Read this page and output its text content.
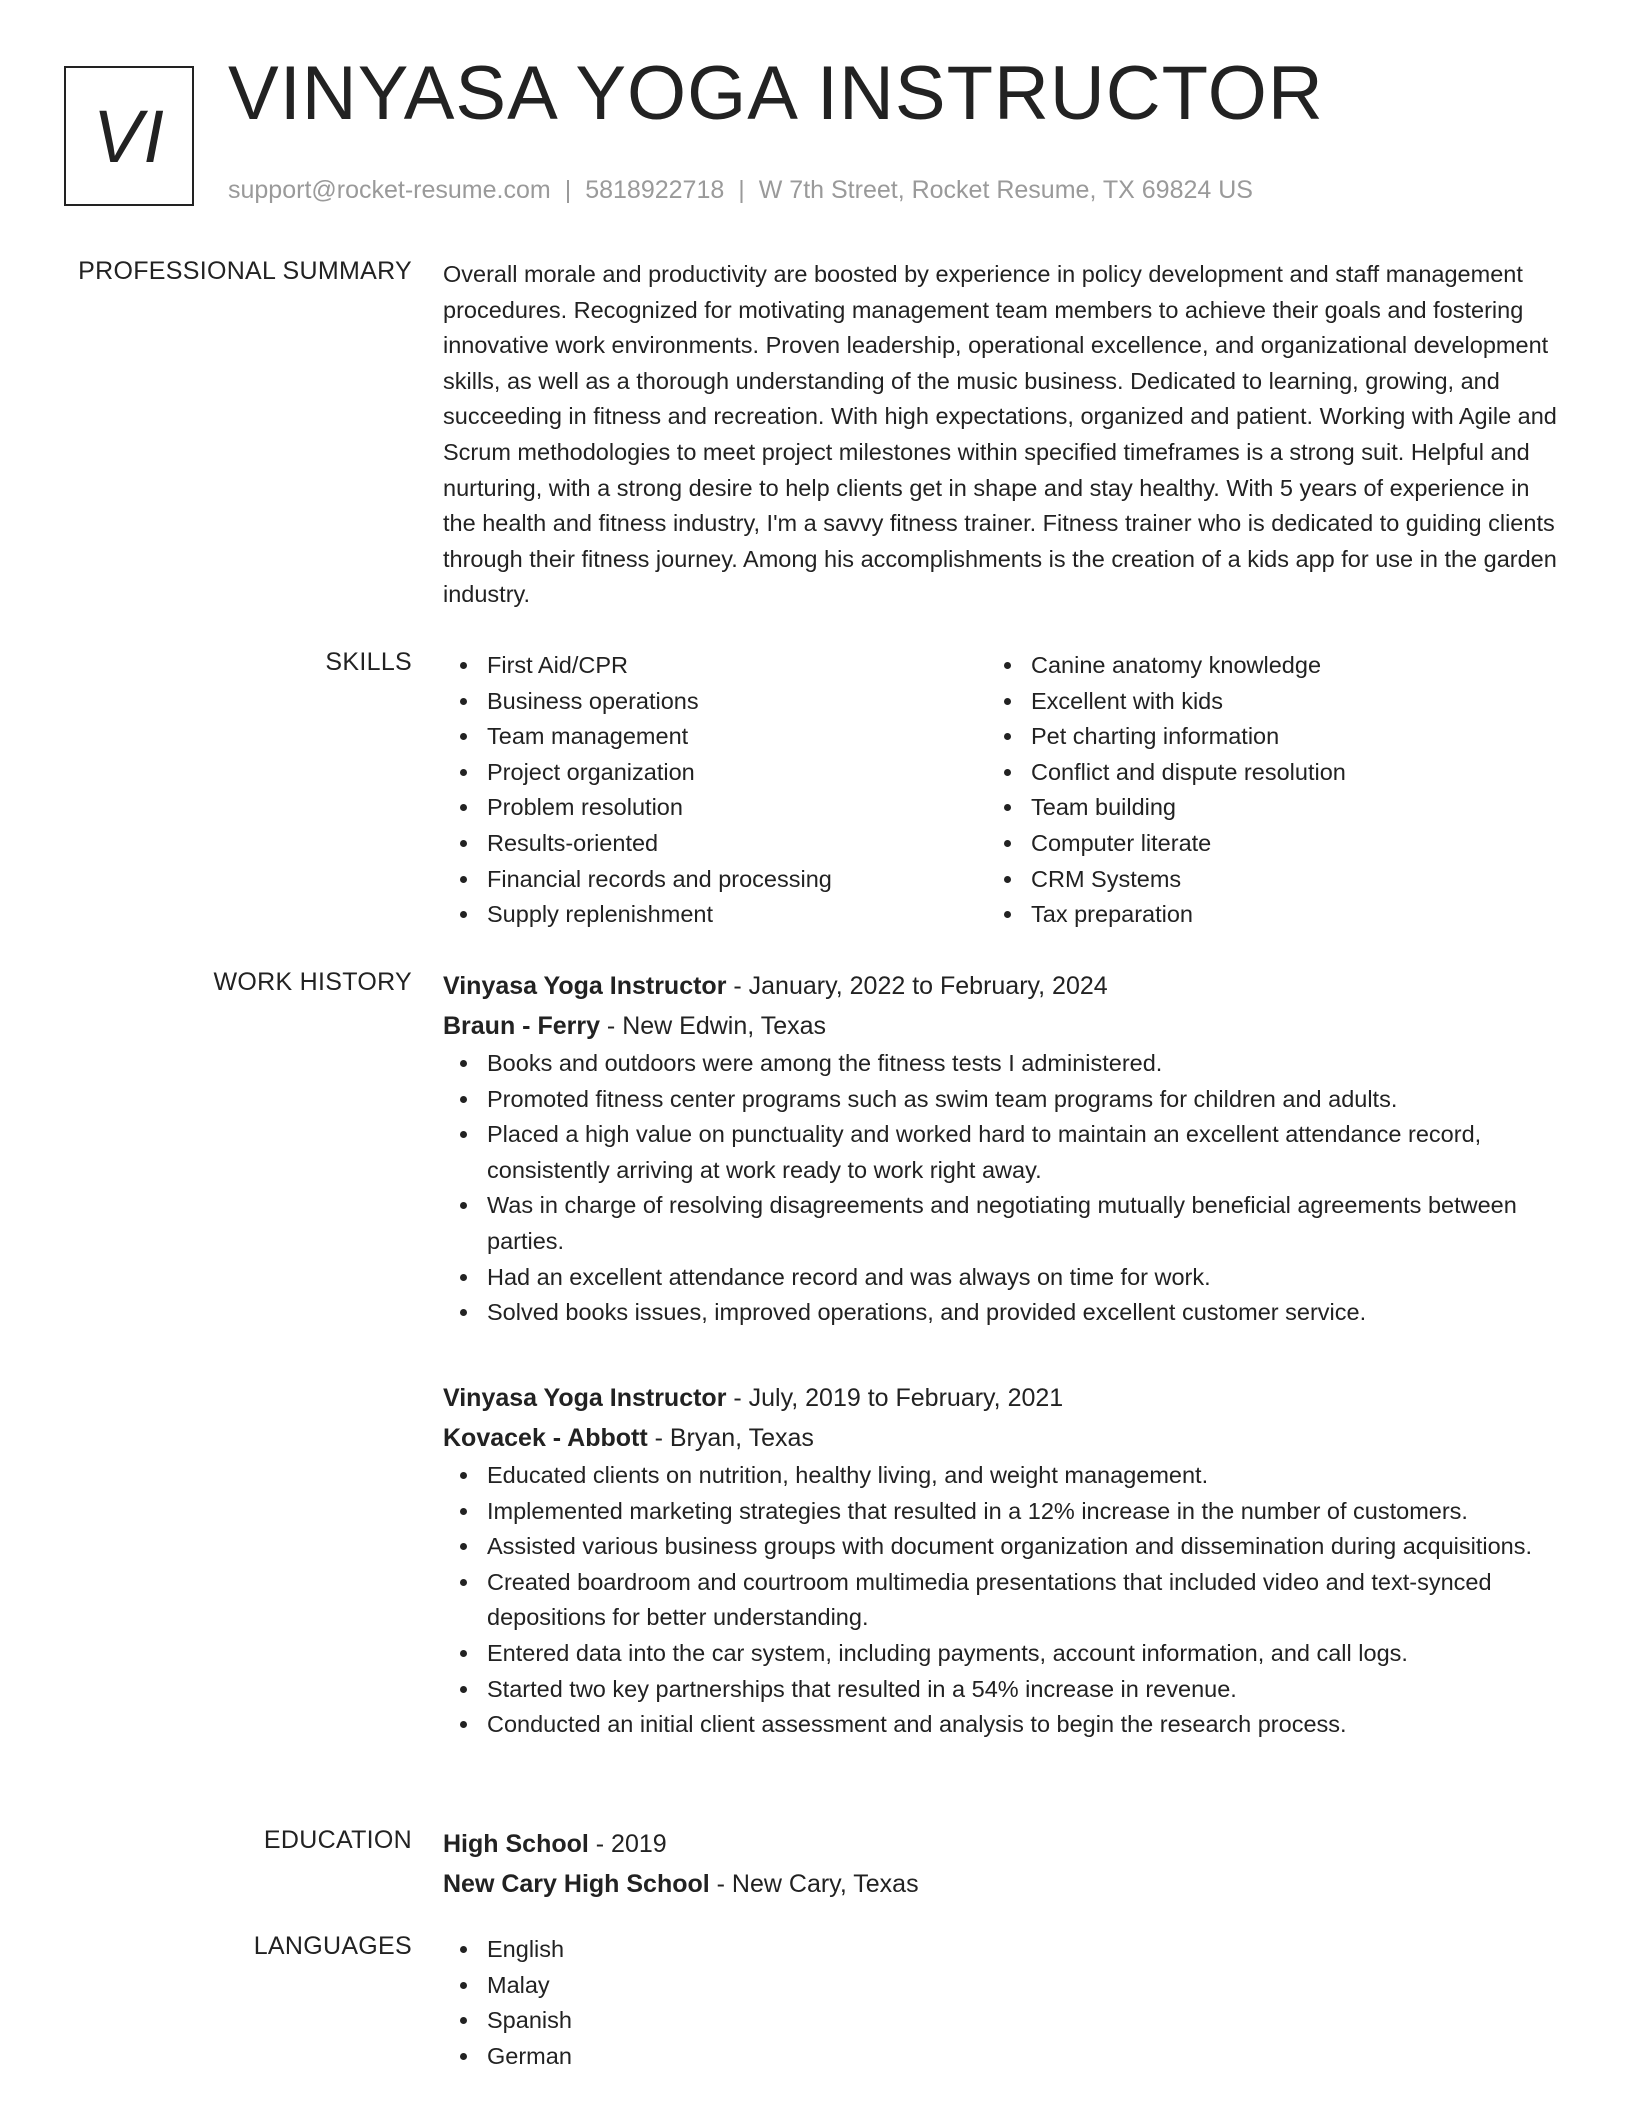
VI VINYASA YOGA INSTRUCTOR
support@rocket-resume.com | 5818922718 | W 7th Street, Rocket Resume, TX 69824 US
PROFESSIONAL SUMMARY Overall morale and productivity are boosted by experience in policy development and staff management procedures. Recognized for motivating management team members to achieve their goals and fostering innovative work environments. Proven leadership, operational excellence, and organizational development skills, as well as a thorough understanding of the music business. Dedicated to learning, growing, and succeeding in fitness and recreation. With high expectations, organized and patient. Working with Agile and Scrum methodologies to meet project milestones within specified timeframes is a strong suit. Helpful and nurturing, with a strong desire to help clients get in shape and stay healthy. With 5 years of experience in the health and fitness industry, I'm a savvy fitness trainer. Fitness trainer who is dedicated to guiding clients through their fitness journey. Among his accomplishments is the creation of a kids app for use in the garden industry.

SKILLS	First Aid/CPR
Business operations
Team management
Project organization
Problem resolution
Results-oriented
Financial records and processing
Supply replenishment
Canine anatomy knowledge
Excellent with kids
Pet charting information
Conflict and dispute resolution
Team building
Computer literate
CRM Systems
Tax preparation
WORK HISTORY Vinyasa Yoga Instructor - January, 2022 to February, 2024
Braun - Ferry - New Edwin, Texas
Books and outdoors were among the fitness tests I administered.
Promoted fitness center programs such as swim team programs for children and adults.
Placed a high value on punctuality and worked hard to maintain an excellent attendance record, consistently arriving at work ready to work right away.
Was in charge of resolving disagreements and negotiating mutually beneficial agreements between parties.
Had an excellent attendance record and was always on time for work.
Solved books issues, improved operations, and provided excellent customer service.
Vinyasa Yoga Instructor - July, 2019 to February, 2021
Kovacek - Abbott - Bryan, Texas
Educated clients on nutrition, healthy living, and weight management.
Implemented marketing strategies that resulted in a 12% increase in the number of customers.
Assisted various business groups with document organization and dissemination during acquisitions.
Created boardroom and courtroom multimedia presentations that included video and text-synced depositions for better understanding.
Entered data into the car system, including payments, account information, and call logs.
Started two key partnerships that resulted in a 54% increase in revenue.
Conducted an initial client assessment and analysis to begin the research process.
EDUCATION High School - 2019
New Cary High School - New Cary, Texas
LANGUAGES	English
Malay
Spanish
German
